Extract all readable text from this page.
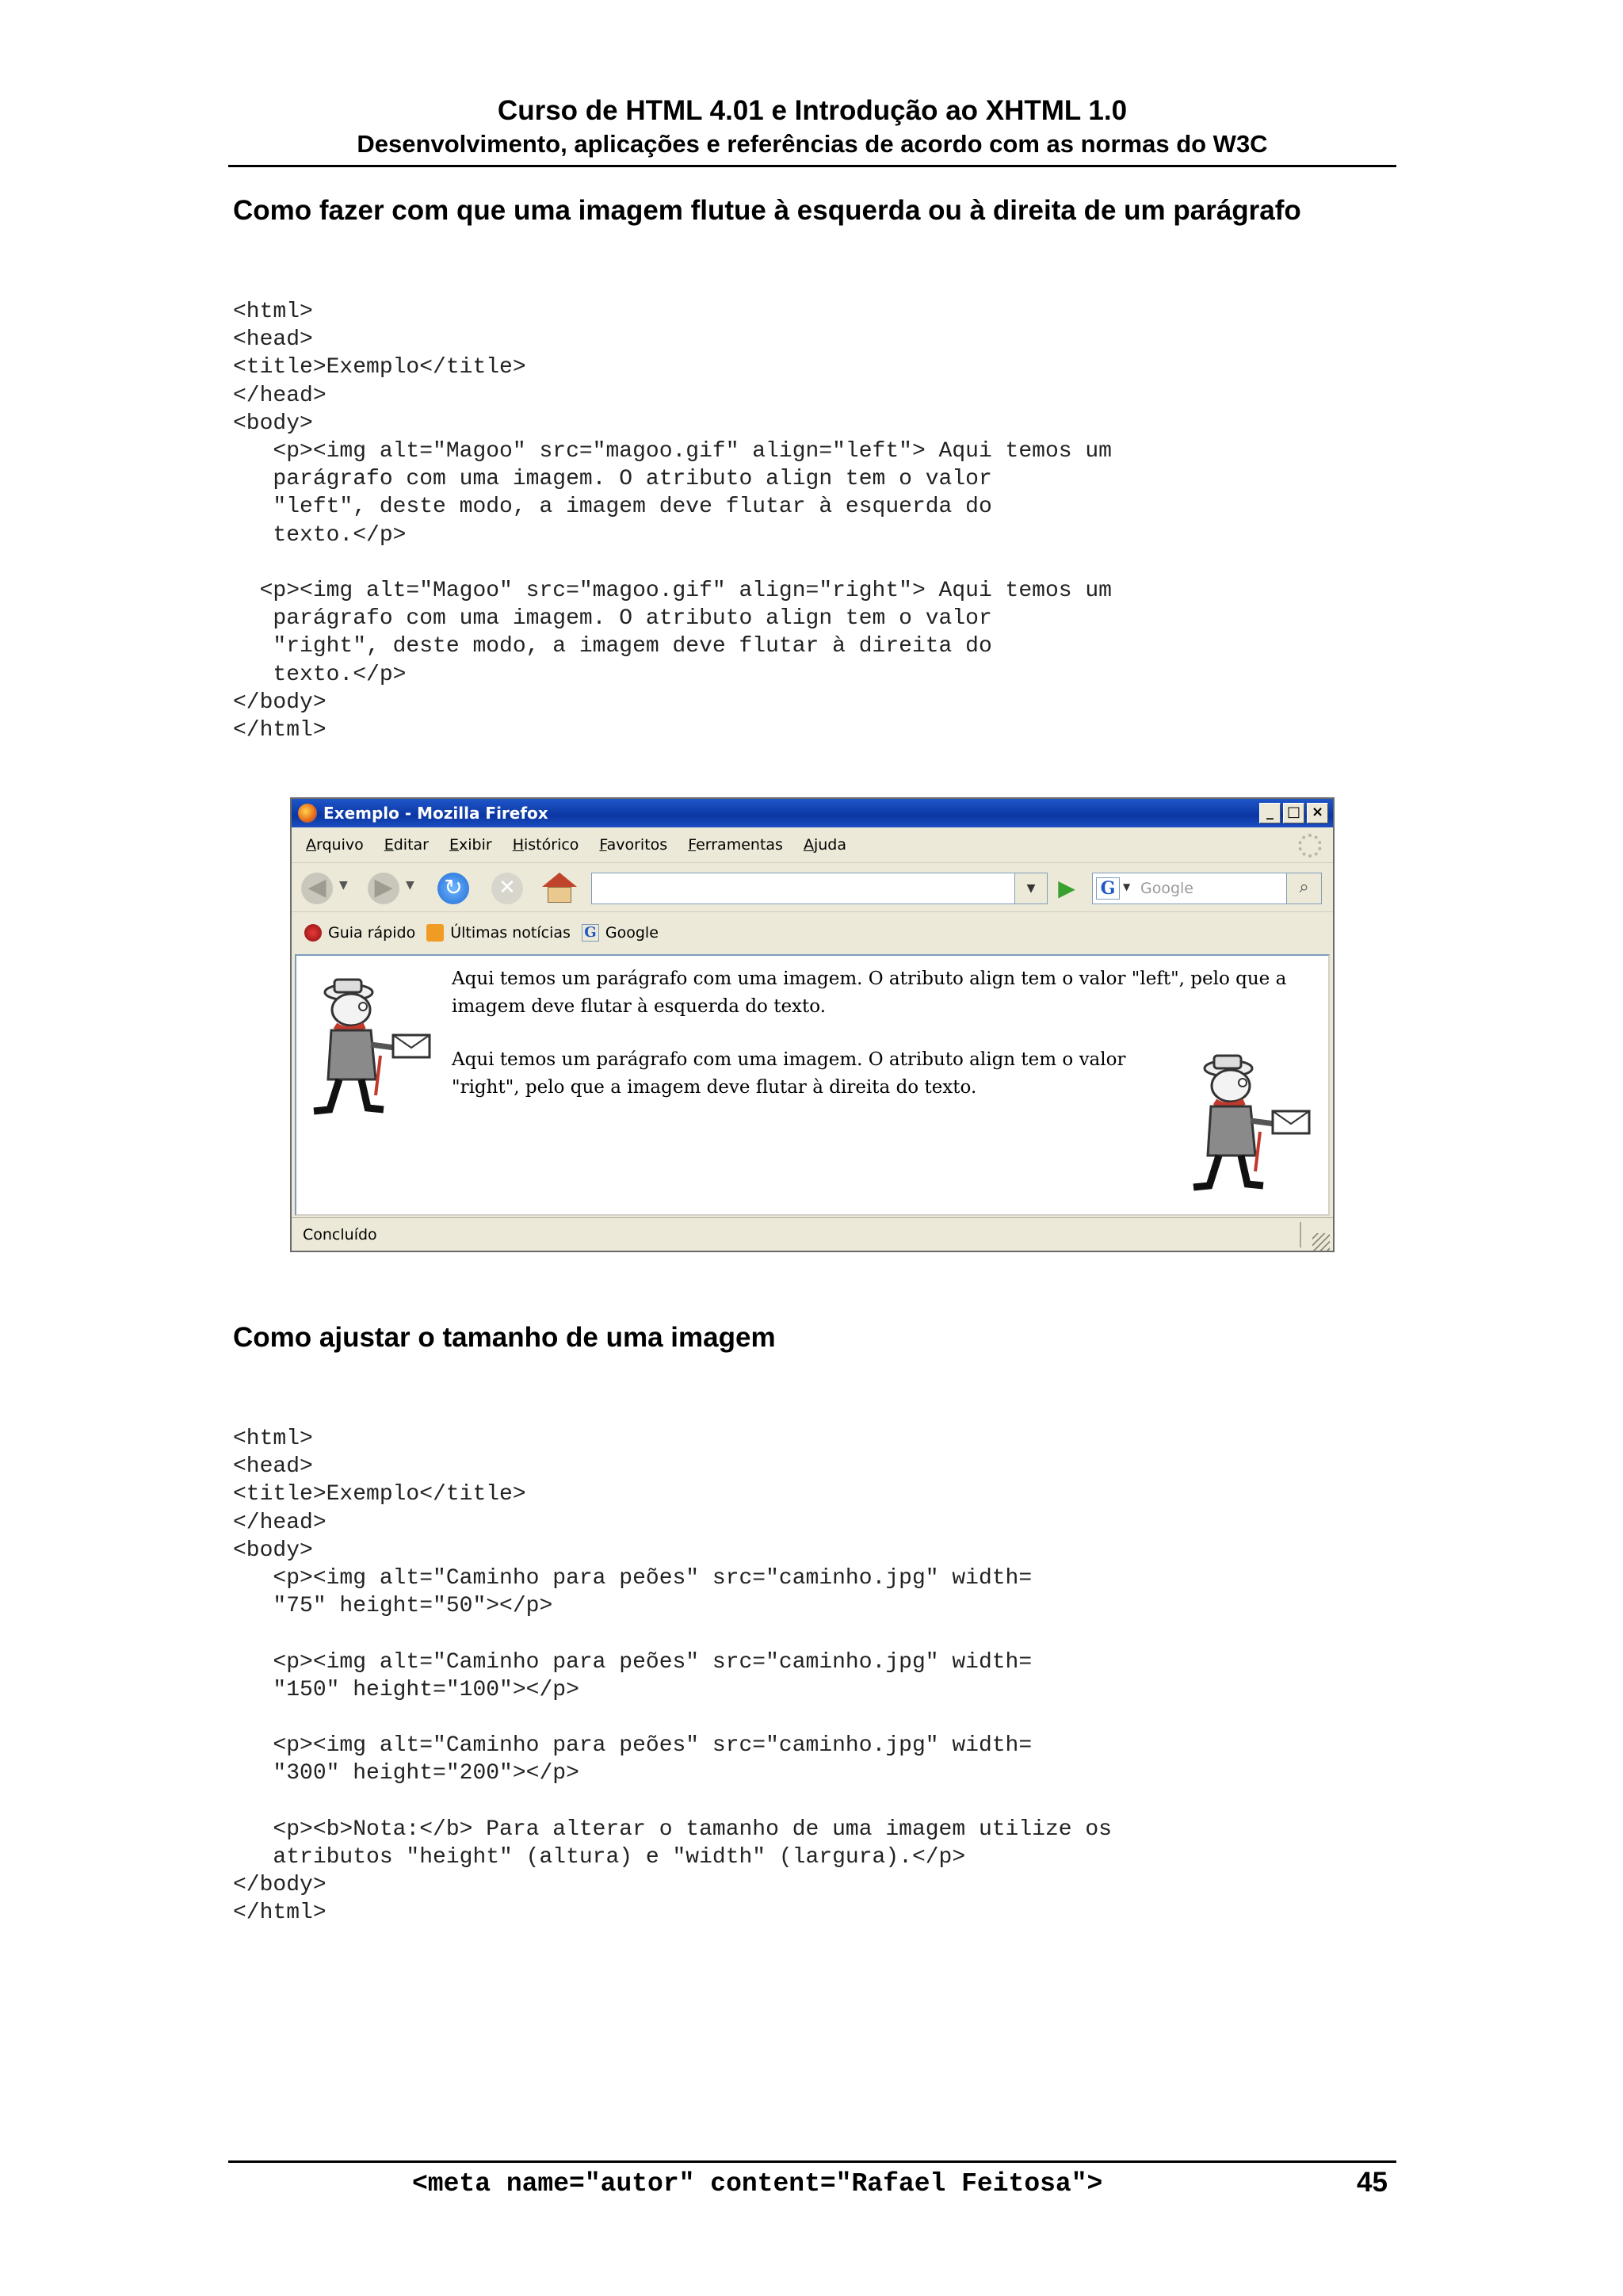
Curso de HTML 4.01 e Introdução ao XHTML 1.0
Desenvolvimento, aplicações e referências de acordo com as normas do W3C
Como fazer com que uma imagem flutue à esquerda ou à direita de um parágrafo
<html>
<head>
<title>Exemplo</title>
</head>
<body>
<p><img alt="Magoo" src="magoo.gif" align="left"> Aqui temos um
parágrafo com uma imagem. O atributo align tem o valor
"left", deste modo, a imagem deve flutar à esquerda do
texto.</p>

<p><img alt="Magoo" src="magoo.gif" align="right"> Aqui temos um
parágrafo com uma imagem. O atributo align tem o valor
"right", deste modo, a imagem deve flutar à direita do
texto.</p>
</body>
</html>
Exemplo - Mozilla Firefox	_ □ ×
Arquivo Editar Exibir Histórico Favoritos Ferramentas Ajuda
◀	▼ ▶	▼ ↻	✕	▼	▶	G ▼ Google	⌕
Guia rápido Últimas notícias G Google
Aqui temos um parágrafo com uma imagem. O atributo align tem o valor "left", pelo que a imagem deve flutar à esquerda do texto.
Aqui temos um parágrafo com uma imagem. O atributo align tem o valor "right", pelo que a imagem deve flutar à direita do texto.
Concluído
Como ajustar o tamanho de uma imagem
<html>
<head>
<title>Exemplo</title>
</head>
<body>
<p><img alt="Caminho para peões" src="caminho.jpg" width=
"75" height="50"></p>

<p><img alt="Caminho para peões" src="caminho.jpg" width=
"150" height="100"></p>

<p><img alt="Caminho para peões" src="caminho.jpg" width=
"300" height="200"></p>

<p><b>Nota:</b> Para alterar o tamanho de uma imagem utilize os
atributos "height" (altura) e "width" (largura).</p>
</body>
</html>
<meta name="autor" content="Rafael Feitosa">	45
